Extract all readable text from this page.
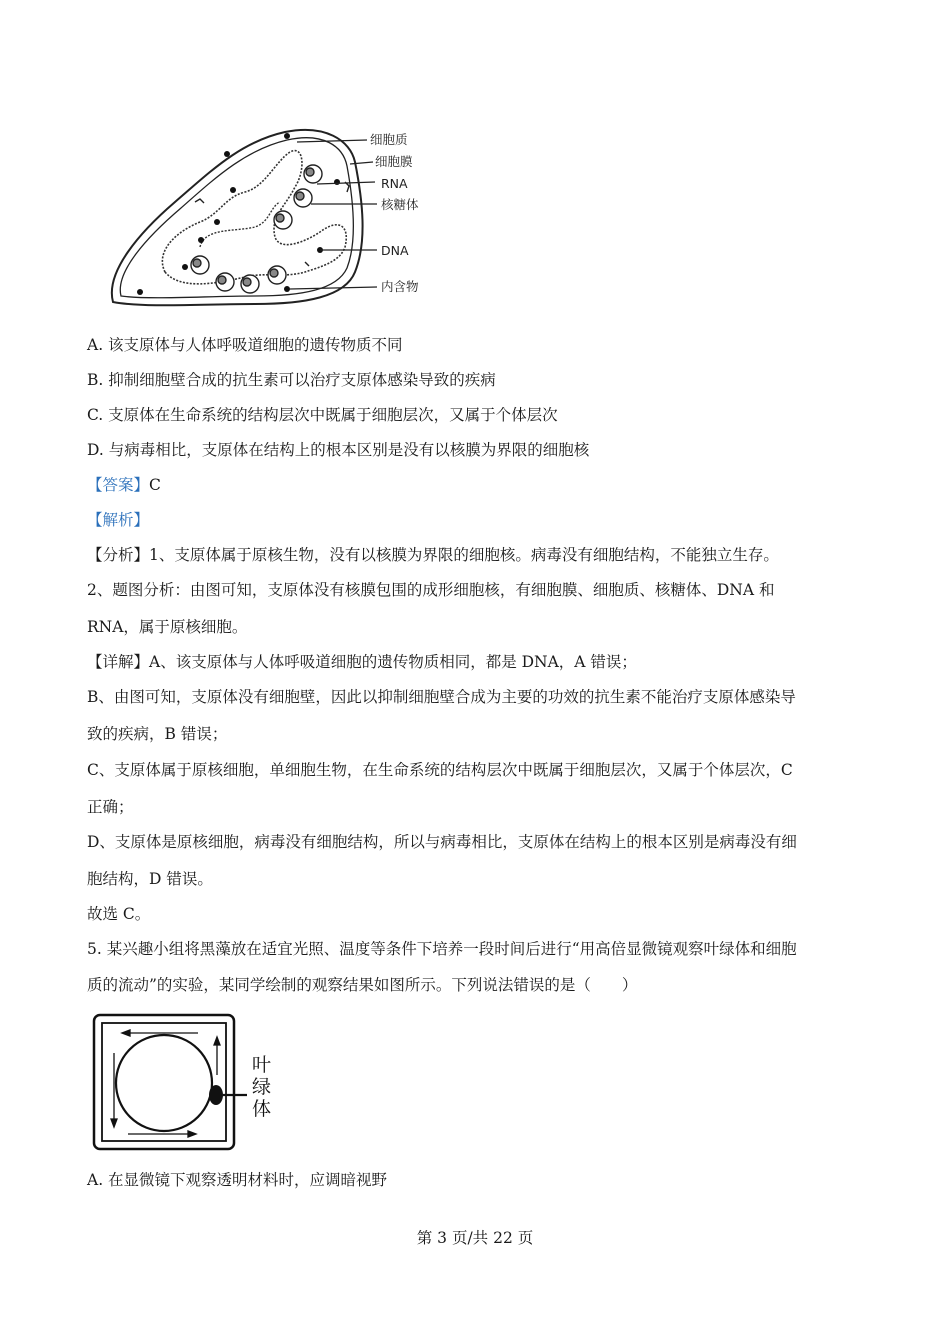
细胞质
细胞膜
RNA
核糖体
DNA
内含物
A. 该支原体与人体呼吸道细胞的遗传物质不同
B. 抑制细胞壁合成的抗生素可以治疗支原体感染导致的疾病
C. 支原体在生命系统的结构层次中既属于细胞层次，又属于个体层次
D. 与病毒相比，支原体在结构上的根本区别是没有以核膜为界限的细胞核
【答案】C
【解析】
【分析】1、支原体属于原核生物，没有以核膜为界限的细胞核。病毒没有细胞结构，不能独立生存。
2、题图分析：由图可知，支原体没有核膜包围的成形细胞核，有细胞膜、细胞质、核糖体、DNA 和
RNA，属于原核细胞。
【详解】A、该支原体与人体呼吸道细胞的遗传物质相同，都是 DNA，A 错误；
B、由图可知，支原体没有细胞壁，因此以抑制细胞壁合成为主要的功效的抗生素不能治疗支原体感染导
致的疾病，B 错误；
C、支原体属于原核细胞，单细胞生物，在生命系统的结构层次中既属于细胞层次，又属于个体层次，C
正确；
D、支原体是原核细胞，病毒没有细胞结构，所以与病毒相比，支原体在结构上的根本区别是病毒没有细
胞结构，D 错误。
故选 C。
5. 某兴趣小组将黑藻放在适宜光照、温度等条件下培养一段时间后进行“用高倍显微镜观察叶绿体和细胞
质的流动”的实验，某同学绘制的观察结果如图所示。下列说法错误的是（　　）
叶
绿
体
A. 在显微镜下观察透明材料时，应调暗视野
第 3 页/共 22 页
